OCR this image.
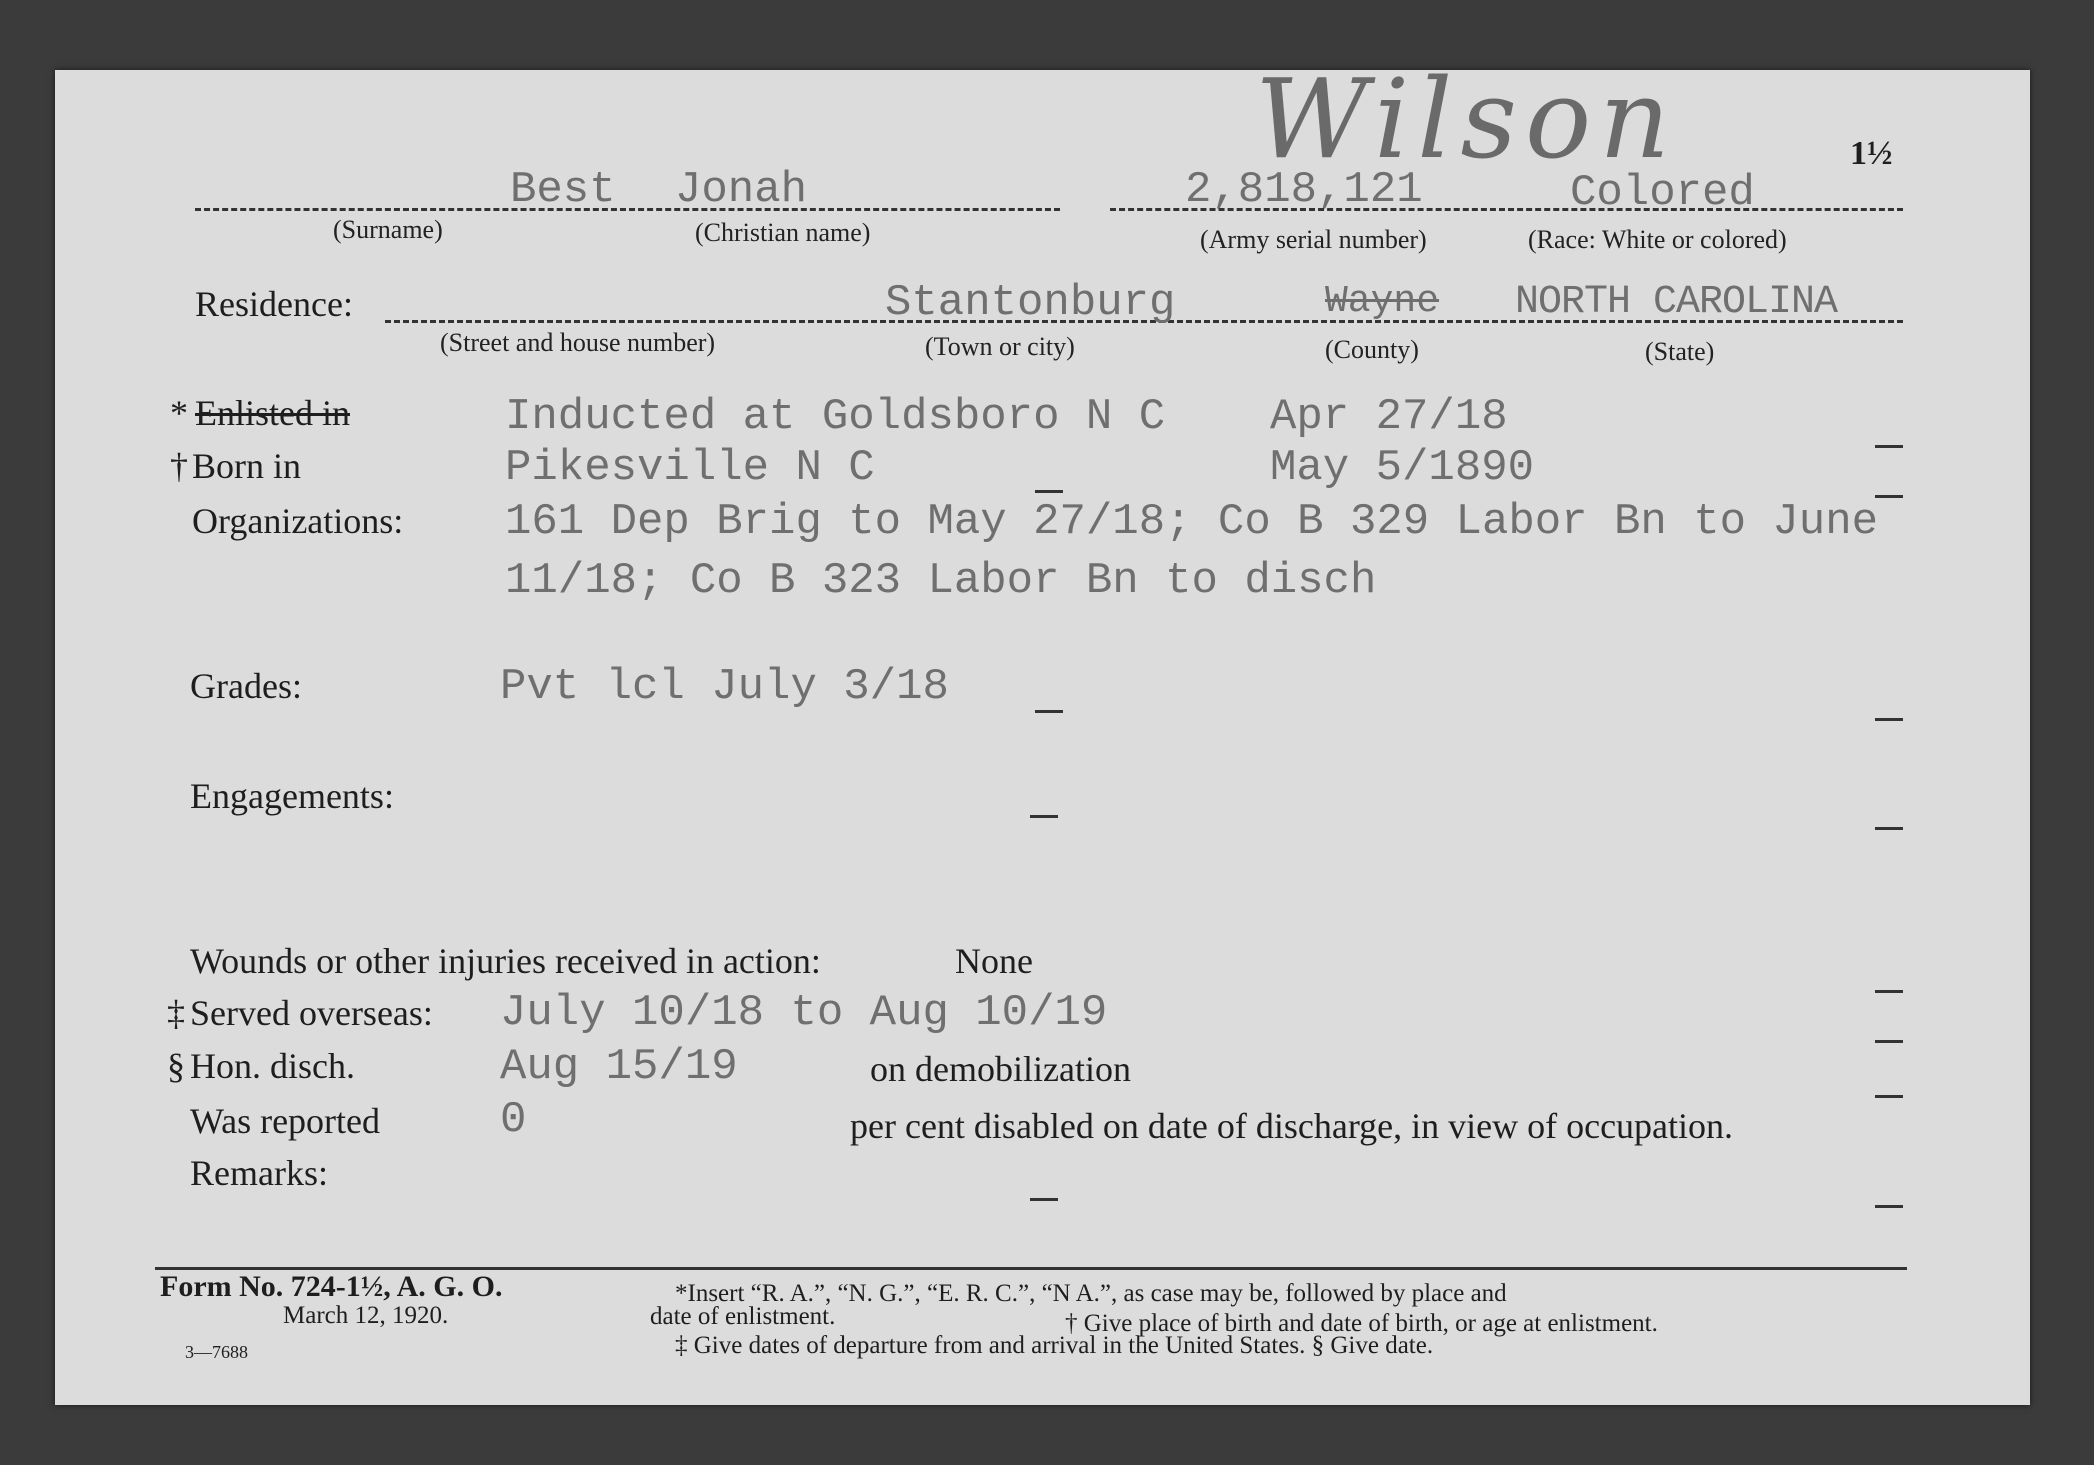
Wilson	1½
Best Jonah	2,818,121	Colored
(Surname)	(Christian name)	(Army serial number)	(Race: White or colored)
Residence:	Stantonburg	Wayne NORTH CAROLINA
(Street and house number)	(Town or city)	(County)	(State)
* Enlisted in	Inducted at Goldsboro N C Apr 27/18
† Born in	Pikesville N C	May 5/1890
Organizations: 161 Dep Brig to May 27/18; Co B 329 Labor Bn to June
11/18; Co B 323 Labor Bn to disch
Grades:	Pvt lcl July 3/18
Engagements:
Wounds or other injuries received in action:	None
‡ Served overseas: July 10/18 to Aug 10/19
§ Hon. disch.	Aug 15/19	on demobilization
Was reported	0	per cent disabled on date of discharge, in view of occupation.
Remarks:
Form No. 724-1½, A. G. O.
March 12, 1920.
3—7688
*Insert “R. A.”, “N. G.”, “E. R. C.”, “N A.”, as case may be, followed by place and
date of enlistment.	† Give place of birth and date of birth, or age at enlistment.
‡ Give dates of departure from and arrival in the United States. § Give date.
